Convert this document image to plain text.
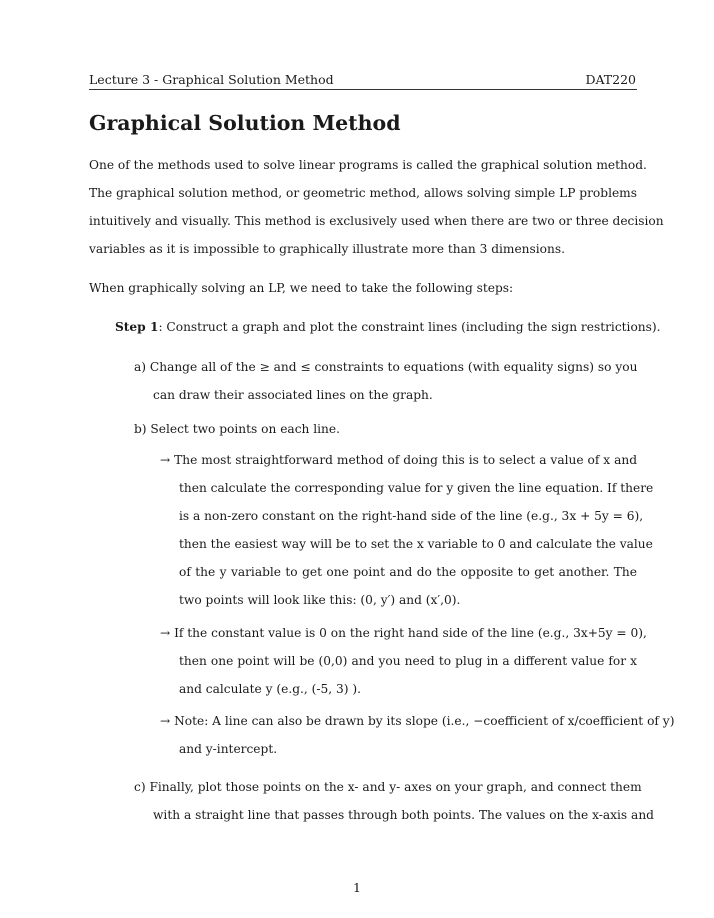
Lecture 3 - Graphical Solution Method	DAT220
Graphical Solution Method
One of the methods used to solve linear programs is called the graphical solution method.
The graphical solution method, or geometric method, allows solving simple LP problems
intuitively and visually. This method is exclusively used when there are two or three decision
variables as it is impossible to graphically illustrate more than 3 dimensions.
When graphically solving an LP, we need to take the following steps:
Step 1: Construct a graph and plot the constraint lines (including the sign restrictions).
a) Change all of the ≥ and ≤ constraints to equations (with equality signs) so you
can draw their associated lines on the graph.
b) Select two points on each line.
→ The most straightforward method of doing this is to select a value of x and
then calculate the corresponding value for y given the line equation. If there
is a non-zero constant on the right-hand side of the line (e.g., 3x + 5y = 6),
then the easiest way will be to set the x variable to 0 and calculate the value
of the y variable to get one point and do the opposite to get another. The
two points will look like this: (0, y′) and (x′,0).
→ If the constant value is 0 on the right hand side of the line (e.g., 3x+5y = 0),
then one point will be (0,0) and you need to plug in a different value for x
and calculate y (e.g., (-5, 3) ).
→ Note: A line can also be drawn by its slope (i.e., −coefficient of x/coefficient of y)
and y-intercept.
c) Finally, plot those points on the x- and y- axes on your graph, and connect them
with a straight line that passes through both points. The values on the x-axis and
1
